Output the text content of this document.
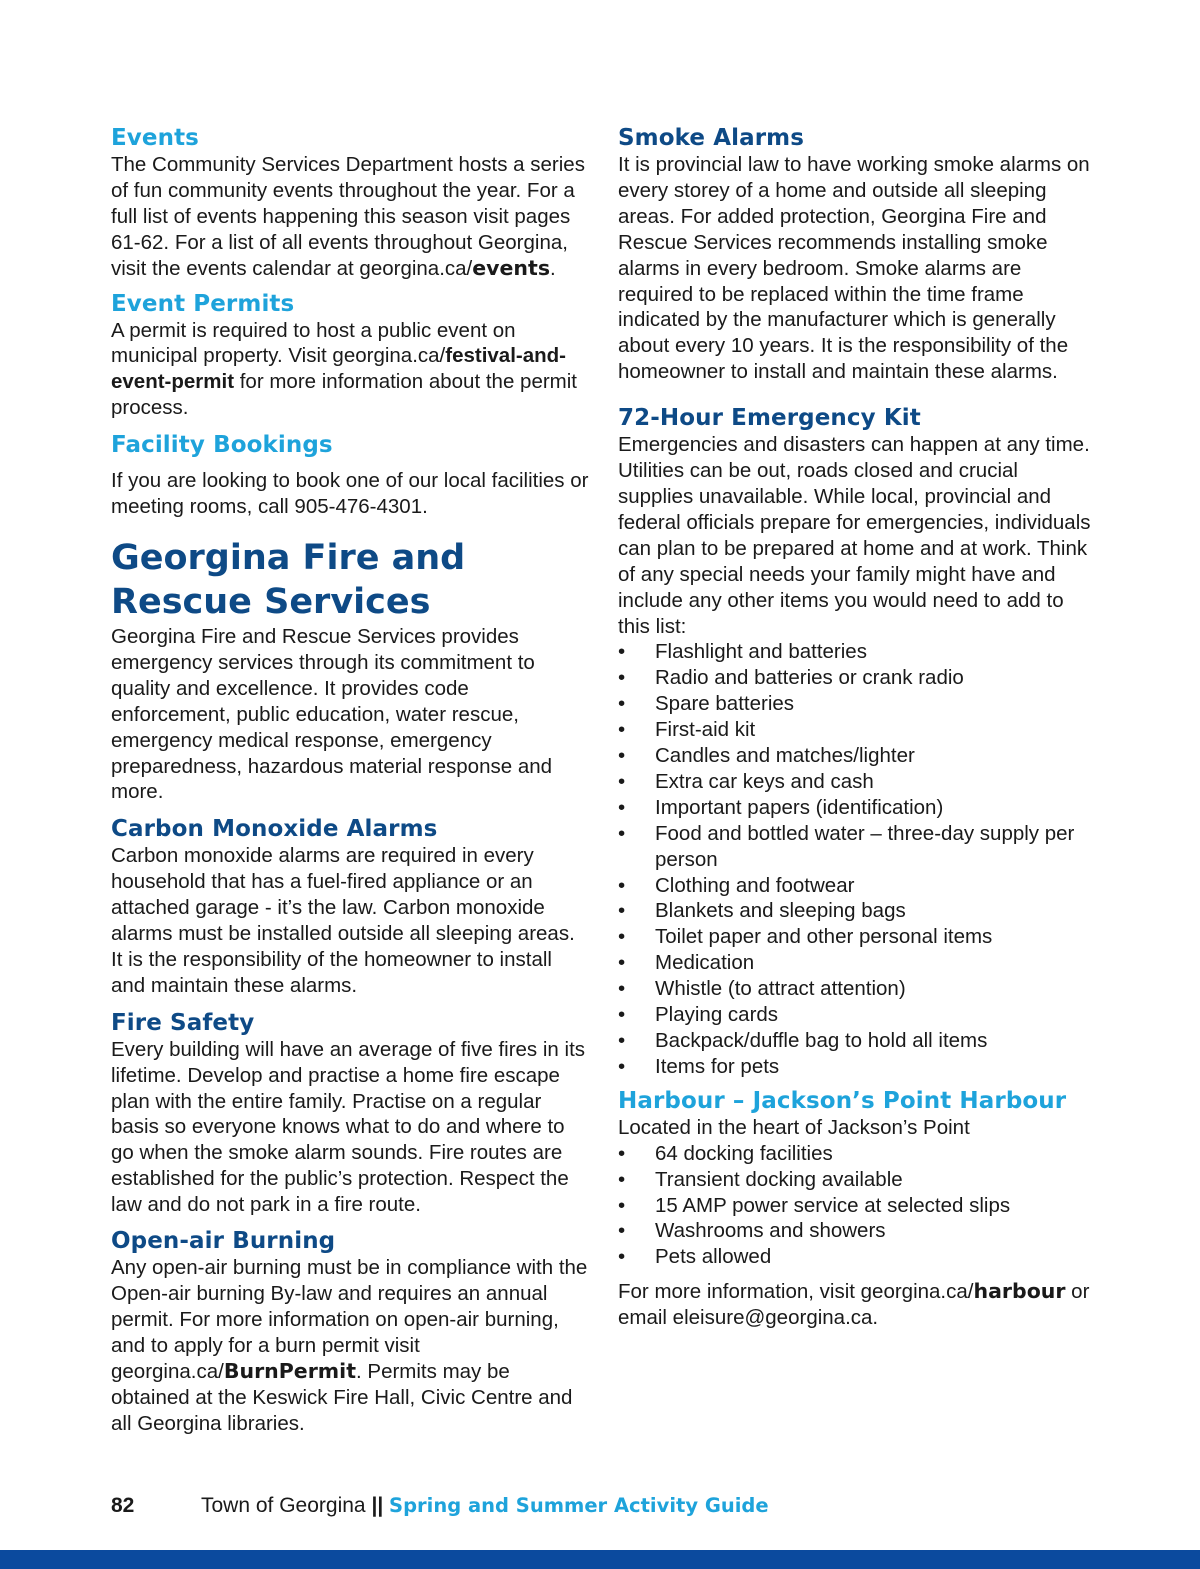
Events

The Community Services Department hosts a series of fun community events throughout the year. For a full list of events happening this season visit pages 61-62. For a list of all events throughout Georgina, visit the events calendar at georgina.ca/events.

Event Permits

A permit is required to host a public event on municipal property. Visit georgina.ca/festival-and-event-permit for more information about the permit process.

Facility Bookings

If you are looking to book one of our local facilities or meeting rooms, call 905-476-4301.

Georgina Fire and
Rescue Services

Georgina Fire and Rescue Services provides emergency services through its commitment to quality and excellence. It provides code enforcement, public education, water rescue, emergency medical response, emergency preparedness, hazardous material response and more.

Carbon Monoxide Alarms

Carbon monoxide alarms are required in every household that has a fuel-fired appliance or an attached garage - it’s the law. Carbon monoxide alarms must be installed outside all sleeping areas. It is the responsibility of the homeowner to install and maintain these alarms.

Fire Safety

Every building will have an average of five fires in its lifetime. Develop and practise a home fire escape plan with the entire family. Practise on a regular basis so everyone knows what to do and where to go when the smoke alarm sounds. Fire routes are established for the public’s protection. Respect the law and do not park in a fire route.

Open-air Burning

Any open-air burning must be in compliance with the Open-air burning By-law and requires an annual permit. For more information on open-air burning, and to apply for a burn permit visit georgina.ca/BurnPermit. Permits may be obtained at the Keswick Fire Hall, Civic Centre and all Georgina libraries.

Smoke Alarms

It is provincial law to have working smoke alarms on every storey of a home and outside all sleeping areas. For added protection, Georgina Fire and Rescue Services recommends installing smoke alarms in every bedroom. Smoke alarms are required to be replaced within the time frame indicated by the manufacturer which is generally about every 10 years. It is the responsibility of the homeowner to install and maintain these alarms.

72-Hour Emergency Kit

Emergencies and disasters can happen at any time. Utilities can be out, roads closed and crucial supplies unavailable. While local, provincial and federal officials prepare for emergencies, individuals can plan to be prepared at home and at work. Think of any special needs your family might have and include any other items you would need to add to this list:

• Flashlight and batteries
• Radio and batteries or crank radio
• Spare batteries
• First-aid kit
• Candles and matches/lighter
• Extra car keys and cash
• Important papers (identification)
• Food and bottled water – three-day supply per person
• Clothing and footwear
• Blankets and sleeping bags
• Toilet paper and other personal items
• Medication
• Whistle (to attract attention)
• Playing cards
• Backpack/duffle bag to hold all items
• Items for pets
Harbour – Jackson’s Point Harbour

Located in the heart of Jackson’s Point

• 64 docking facilities
• Transient docking available
• 15 AMP power service at selected slips
• Washrooms and showers
• Pets allowed

For more information, visit georgina.ca/harbour or email eleisure@georgina.ca.

82	Town of Georgina || Spring and Summer Activity Guide
